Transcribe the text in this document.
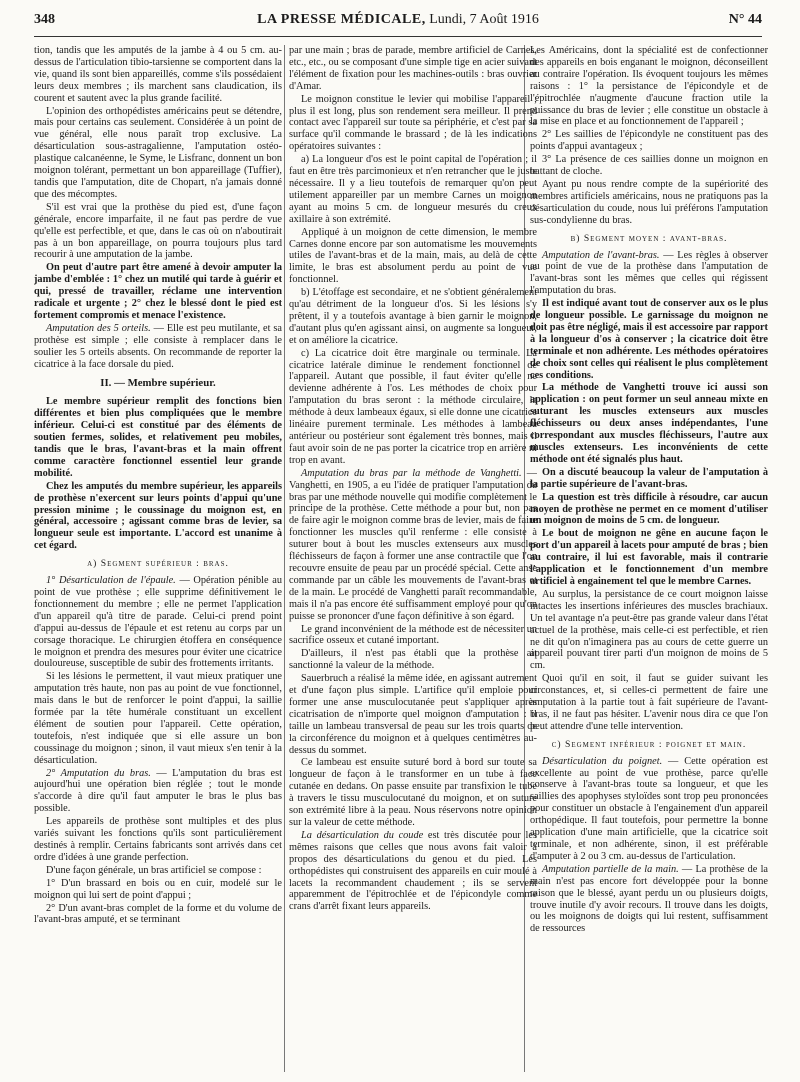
348	LA PRESSE MÉDICALE, Lundi, 7 Août 1916	N° 44

tion, tandis que les amputés de la jambe à 4 ou 5 cm. au-dessus de l'articulation tibio-tarsienne se comportent dans la vie, quand ils sont bien appareillés, comme s'ils possédaient leurs deux membres ; ils marchent sans claudication, ils courent et sautent avec la plus grande facilité.

L'opinion des orthopédistes américains peut se détendre, mais pour certains cas seulement. Considérée à un point de vue général, elle nous paraît trop exclusive. La désarticulation sous-astragalienne, l'amputation ostéo-plastique calcanéenne, le Syme, le Lisfranc, donnent un bon moignon tolérant, permettant un bon appareillage (Tuffier), tandis que l'amputation, dite de Chopart, n'a jamais donné que des mécomptes.

S'il est vrai que la prothèse du pied est, d'une façon générale, encore imparfaite, il ne faut pas perdre de vue qu'elle est perfectible, et que, dans le cas où on n'aboutirait pas à un bon appareillage, on pourra toujours plus tard recourir à une amputation de la jambe.

On peut d'autre part être amené à devoir amputer la jambe d'emblée : 1° chez un mutilé qui tarde à guérir et qui, pressé de travailler, réclame une intervention radicale et urgente ; 2° chez le blessé dont le pied est fortement compromis et menace l'existence.

Amputation des 5 orteils. — Elle est peu mutilante, et sa prothèse est simple ; elle consiste à remplacer dans le soulier les 5 orteils absents. On recommande de reporter la cicatrice à la face dorsale du pied.

II. — Membre supérieur.

Le membre supérieur remplit des fonctions bien différentes et bien plus compliquées que le membre inférieur. Celui-ci est constitué par des éléments de soutien fermes, solides, et relativement peu mobiles, tandis que le bras, l'avant-bras et la main offrent comme caractère fonctionnel essentiel leur grande mobilité.

Chez les amputés du membre supérieur, les appareils de prothèse n'exercent sur leurs points d'appui qu'une pression minime ; le coussinage du moignon est, en général, accessoire ; agissant comme bras de levier, sa longueur seule est importante. L'accord est unanime à cet égard.

a) Segment supérieur : bras.

1° Désarticulation de l'épaule. — Opération pénible au point de vue prothèse ; elle supprime définitivement le fonctionnement du membre ; elle ne permet l'application d'un appareil qu'à titre de parade. Celui-ci prend point d'appui au-dessus de l'épaule et est retenu au corps par un corsage thoracique. Le chirurgien étoffera en conséquence le moignon et prendra des mesures pour éviter une cicatrice douloureuse, susceptible de subir des frottements irritants.

Si les lésions le permettent, il vaut mieux pratiquer une amputation très haute, non pas au point de vue fonctionnel, mais dans le but de renforcer le point d'appui, la saillie formée par la tête humérale constituant un excellent élément de soutien pour l'appareil. Cette opération, toutefois, n'est indiquée que si elle assure un bon coussinage du moignon ; sinon, il vaut mieux s'en tenir à la désarticulation.

2° Amputation du bras. — L'amputation du bras est aujourd'hui une opération bien réglée ; tout le monde s'accorde à dire qu'il faut amputer le bras le plus bas possible.

Les appareils de prothèse sont multiples et des plus variés suivant les fonctions qu'ils sont particulièrement destinés à remplir. Certains fabricants sont arrivés dans cet ordre d'idées à une grande perfection.

D'une façon générale, un bras artificiel se compose :

1° D'un brassard en bois ou en cuir, modelé sur le moignon qui lui sert de point d'appui ;

2° D'un avant-bras complet de la forme et du volume de l'avant-bras amputé, et se terminant

par une main ; bras de parade, membre artificiel de Carnes, etc., etc., ou se composant d'une simple tige en acier suivant l'élément de fixation pour les machines-outils : bras ouvrier d'Amar.

Le moignon constitue le levier qui mobilise l'appareil ; plus il est long, plus son rendement sera meilleur. Il prend contact avec l'appareil sur toute sa périphérie, et c'est par sa surface qu'il commande le brassard ; de là les indications opératoires suivantes :

a) La longueur d'os est le point capital de l'opération ; il faut en être très parcimonieux et n'en retrancher que le juste nécessaire. Il y a lieu toutefois de remarquer qu'on peut utilement appareiller par un membre Carnes un moignon ayant au moins 5 cm. de longueur mesurés du creux axillaire à son extrémité.

Appliqué à un moignon de cette dimension, le membre Carnes donne encore par son automatisme les mouvements utiles de l'avant-bras et de la main, mais, au delà de cette limite, le bras est absolument perdu au point de vue fonctionnel.

b) L'étoffage est secondaire, et ne s'obtient généralement qu'au détriment de la longueur d'os. Si les lésions s'y prêtent, il y a toutefois avantage à bien garnir le moignon, d'autant plus qu'en agissant ainsi, on augmente sa longueur, et on améliore la cicatrice.

c) La cicatrice doit être marginale ou terminale. La cicatrice latérale diminue le rendement fonctionnel de l'appareil. Autant que possible, il faut éviter qu'elle ne devienne adhérente à l'os. Les méthodes de choix pour l'amputation du bras seront : la méthode circulaire, la méthode à deux lambeaux égaux, si elle donne une cicatrice linéaire purement terminale. Les méthodes à lambeau antérieur ou postérieur sont également très bonnes, mais il faut avoir soin de ne pas porter la cicatrice trop en arrière ni trop en avant.

Amputation du bras par la méthode de Vanghetti. — Vanghetti, en 1905, a eu l'idée de pratiquer l'amputation du bras par une méthode nouvelle qui modifie complètement le principe de la prothèse. Cette méthode a pour but, non pas de faire agir le moignon comme bras de levier, mais de faire fonctionner les muscles qu'il renferme : elle consiste à suturer bout à bout les muscles extenseurs aux muscles fléchisseurs de façon à former une anse contractile que l'on recouvre ensuite de peau par un procédé spécial. Cette anse commande par un câble les mouvements de l'avant-bras et de la main. Le procédé de Vanghetti paraît recommandable, mais il n'a pas encore été suffisamment employé pour qu'on puisse se prononcer d'une façon définitive à son égard.

Le grand inconvénient de la méthode est de nécessiter un sacrifice osseux et cutané important.

D'ailleurs, il n'est pas établi que la prothèse ait sanctionné la valeur de la méthode.

Sauerbruch a réalisé la même idée, en agissant autrement et d'une façon plus simple. L'artifice qu'il emploie pour former une anse musculocutanée peut s'appliquer après cicatrisation de n'importe quel moignon d'amputation : il taille un lambeau transversal de peau sur les trois quarts de la circonférence du moignon et à quelques centimètres au-dessus du sommet.

Ce lambeau est ensuite suturé bord à bord sur toute sa longueur de façon à le transformer en un tube à face cutanée en dedans. On passe ensuite par transfixion le tube à travers le tissu musculocutané du moignon, et on suture son extrémité libre à la peau. Nous réservons notre opinion sur la valeur de cette méthode.

La désarticulation du coude est très discutée pour les mêmes raisons que celles que nous avons fait valoir à propos des désarticulations du genou et du pied. Les orthopédistes qui construisent des appareils en cuir moulé à lacets la recommandent chaudement ; ils se servent apparemment de l'épitrochlée et de l'épicondyle comme crans d'arrêt fixant leurs appareils.

Les Américains, dont la spécialité est de confectionner des appareils en bois enganant le moignon, déconseillent au contraire l'opération. Ils évoquent toujours les mêmes raisons : 1° la persistance de l'épicondyle et de l'épitrochlée n'augmente d'aucune fraction utile la puissance du bras de levier ; elle constitue un obstacle à la mise en place et au fonctionnement de l'appareil ;

2° Les saillies de l'épicondyle ne constituent pas des points d'appui avantageux ;

3° La présence de ces saillies donne un moignon en battant de cloche.

Ayant pu nous rendre compte de la supériorité des membres artificiels américains, nous ne pratiquons pas la désarticulation du coude, nous lui préférons l'amputation sus-condylienne du bras.

b) Segment moyen : avant-bras.

Amputation de l'avant-bras. — Les règles à observer au point de vue de la prothèse dans l'amputation de l'avant-bras sont les mêmes que celles qui régissent l'amputation du bras.

Il est indiqué avant tout de conserver aux os le plus de longueur possible. Le garnissage du moignon ne doit pas être négligé, mais il est accessoire par rapport à la longueur d'os à conserver ; la cicatrice doit être terminale et non adhérente. Les méthodes opératoires de choix sont celles qui réalisent le plus complètement ces conditions.

La méthode de Vanghetti trouve ici aussi son application : on peut former un seul anneau mixte en suturant les muscles extenseurs aux muscles fléchisseurs ou deux anses indépendantes, l'une correspondant aux muscles fléchisseurs, l'autre aux muscles extenseurs. Les inconvénients de cette méthode ont été signalés plus haut.

On a discuté beaucoup la valeur de l'amputation à la partie supérieure de l'avant-bras.

La question est très difficile à résoudre, car aucun moyen de prothèse ne permet en ce moment d'utiliser un moignon de moins de 5 cm. de longueur.

Le bout de moignon ne gêne en aucune façon le port d'un appareil à lacets pour amputé de bras ; bien au contraire, il lui est favorable, mais il contrarie l'application et le fonctionnement d'un membre artificiel à engainement tel que le membre Carnes.

Au surplus, la persistance de ce court moignon laisse intactes les insertions inférieures des muscles brachiaux. Un tel avantage n'a peut-être pas grande valeur dans l'état actuel de la prothèse, mais celle-ci est perfectible, et rien ne dit qu'on n'imaginera pas au cours de cette guerre un appareil pouvant tirer parti d'un moignon de moins de 5 cm.

Quoi qu'il en soit, il faut se guider suivant les circonstances, et, si celles-ci permettent de faire une amputation à la partie tout à fait supérieure de l'avant-bras, il ne faut pas hésiter. L'avenir nous dira ce que l'on peut attendre d'une telle intervention.

c) Segment inférieur : poignet et main.

Désarticulation du poignet. — Cette opération est excellente au point de vue prothèse, parce qu'elle conserve à l'avant-bras toute sa longueur, et que les saillies des apophyses styloïdes sont trop peu prononcées pour constituer un obstacle à l'engainement d'un appareil orthopédique. Il faut toutefois, pour permettre la bonne application d'une main artificielle, que la cicatrice soit terminale, et non adhérente, sinon, il est préférable d'amputer à 2 ou 3 cm. au-dessus de l'articulation.

Amputation partielle de la main. — La prothèse de la main n'est pas encore fort développée pour la bonne raison que le blessé, ayant perdu un ou plusieurs doigts, trouve inutile d'y avoir recours. Il trouve dans les doigts, ou les moignons de doigts qui lui restent, suffisamment de ressources
